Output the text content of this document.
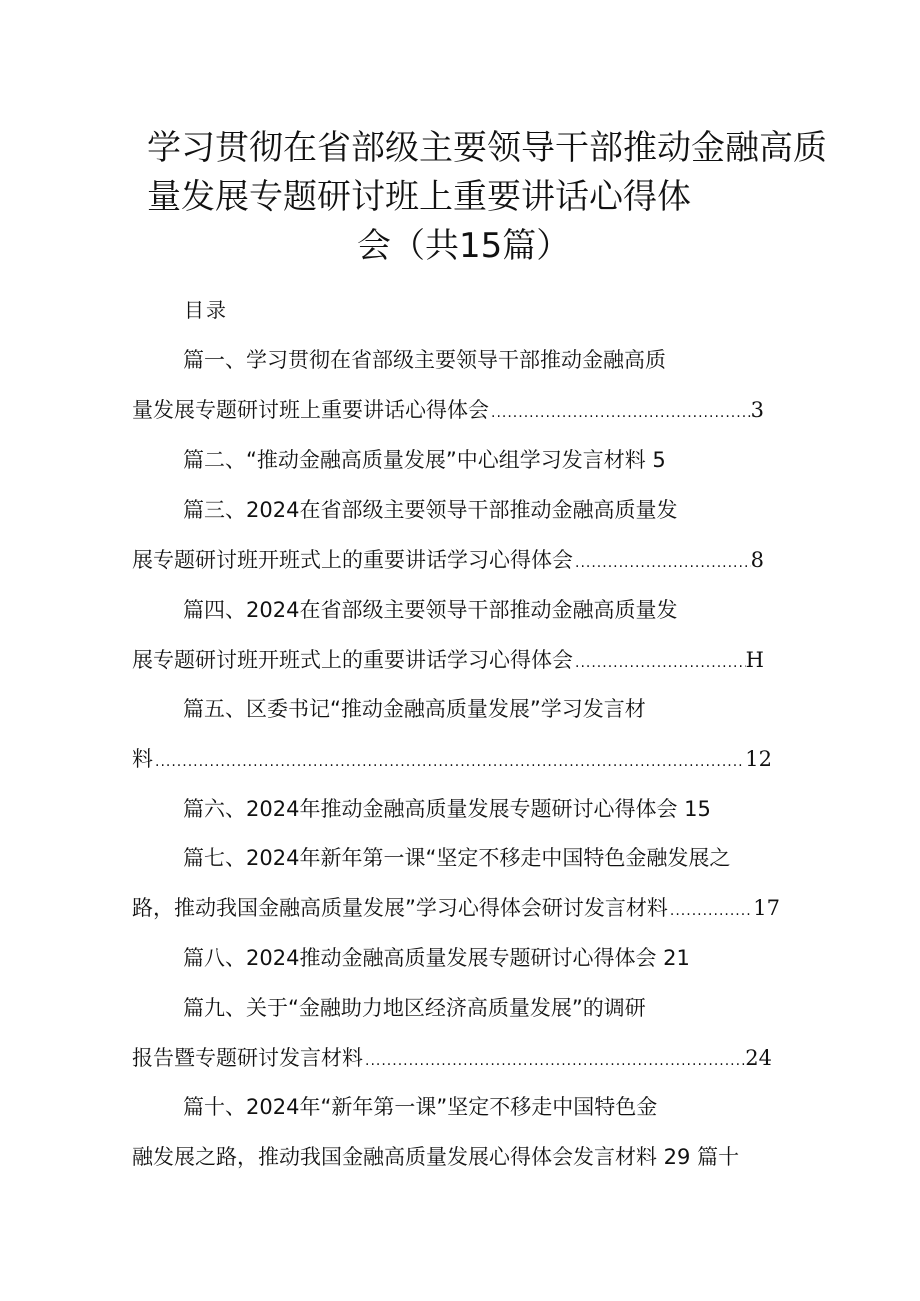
学习贯彻在省部级主要领导干部推动金融高质
量发展专题研讨班上重要讲话心得体
会（共15篇）
目录
篇一、学习贯彻在省部级主要领导干部推动金融高质
量发展专题研讨班上重要讲话心得体会 .....	3
篇二、“推动金融高质量发展”中心组学习发言材料 5
篇三、2024在省部级主要领导干部推动金融高质量发
展专题研讨班开班式上的重要讲话学习心得体会 .....	8
篇四、2024在省部级主要领导干部推动金融高质量发
展专题研讨班开班式上的重要讲话学习心得体会 .....	H
篇五、区委书记“推动金融高质量发展”学习发言材
料 .....	12
篇六、2024年推动金融高质量发展专题研讨心得体会 15
篇七、2024年新年第一课“坚定不移走中国特色金融发展之
路，推动我国金融高质量发展”学习心得体会研讨发言材料 .....	17
篇八、2024推动金融高质量发展专题研讨心得体会 21
篇九、关于“金融助力地区经济高质量发展”的调研
报告暨专题研讨发言材料 .....	24
篇十、2024年“新年第一课”坚定不移走中国特色金
融发展之路，推动我国金融高质量发展心得体会发言材料 29 篇十
